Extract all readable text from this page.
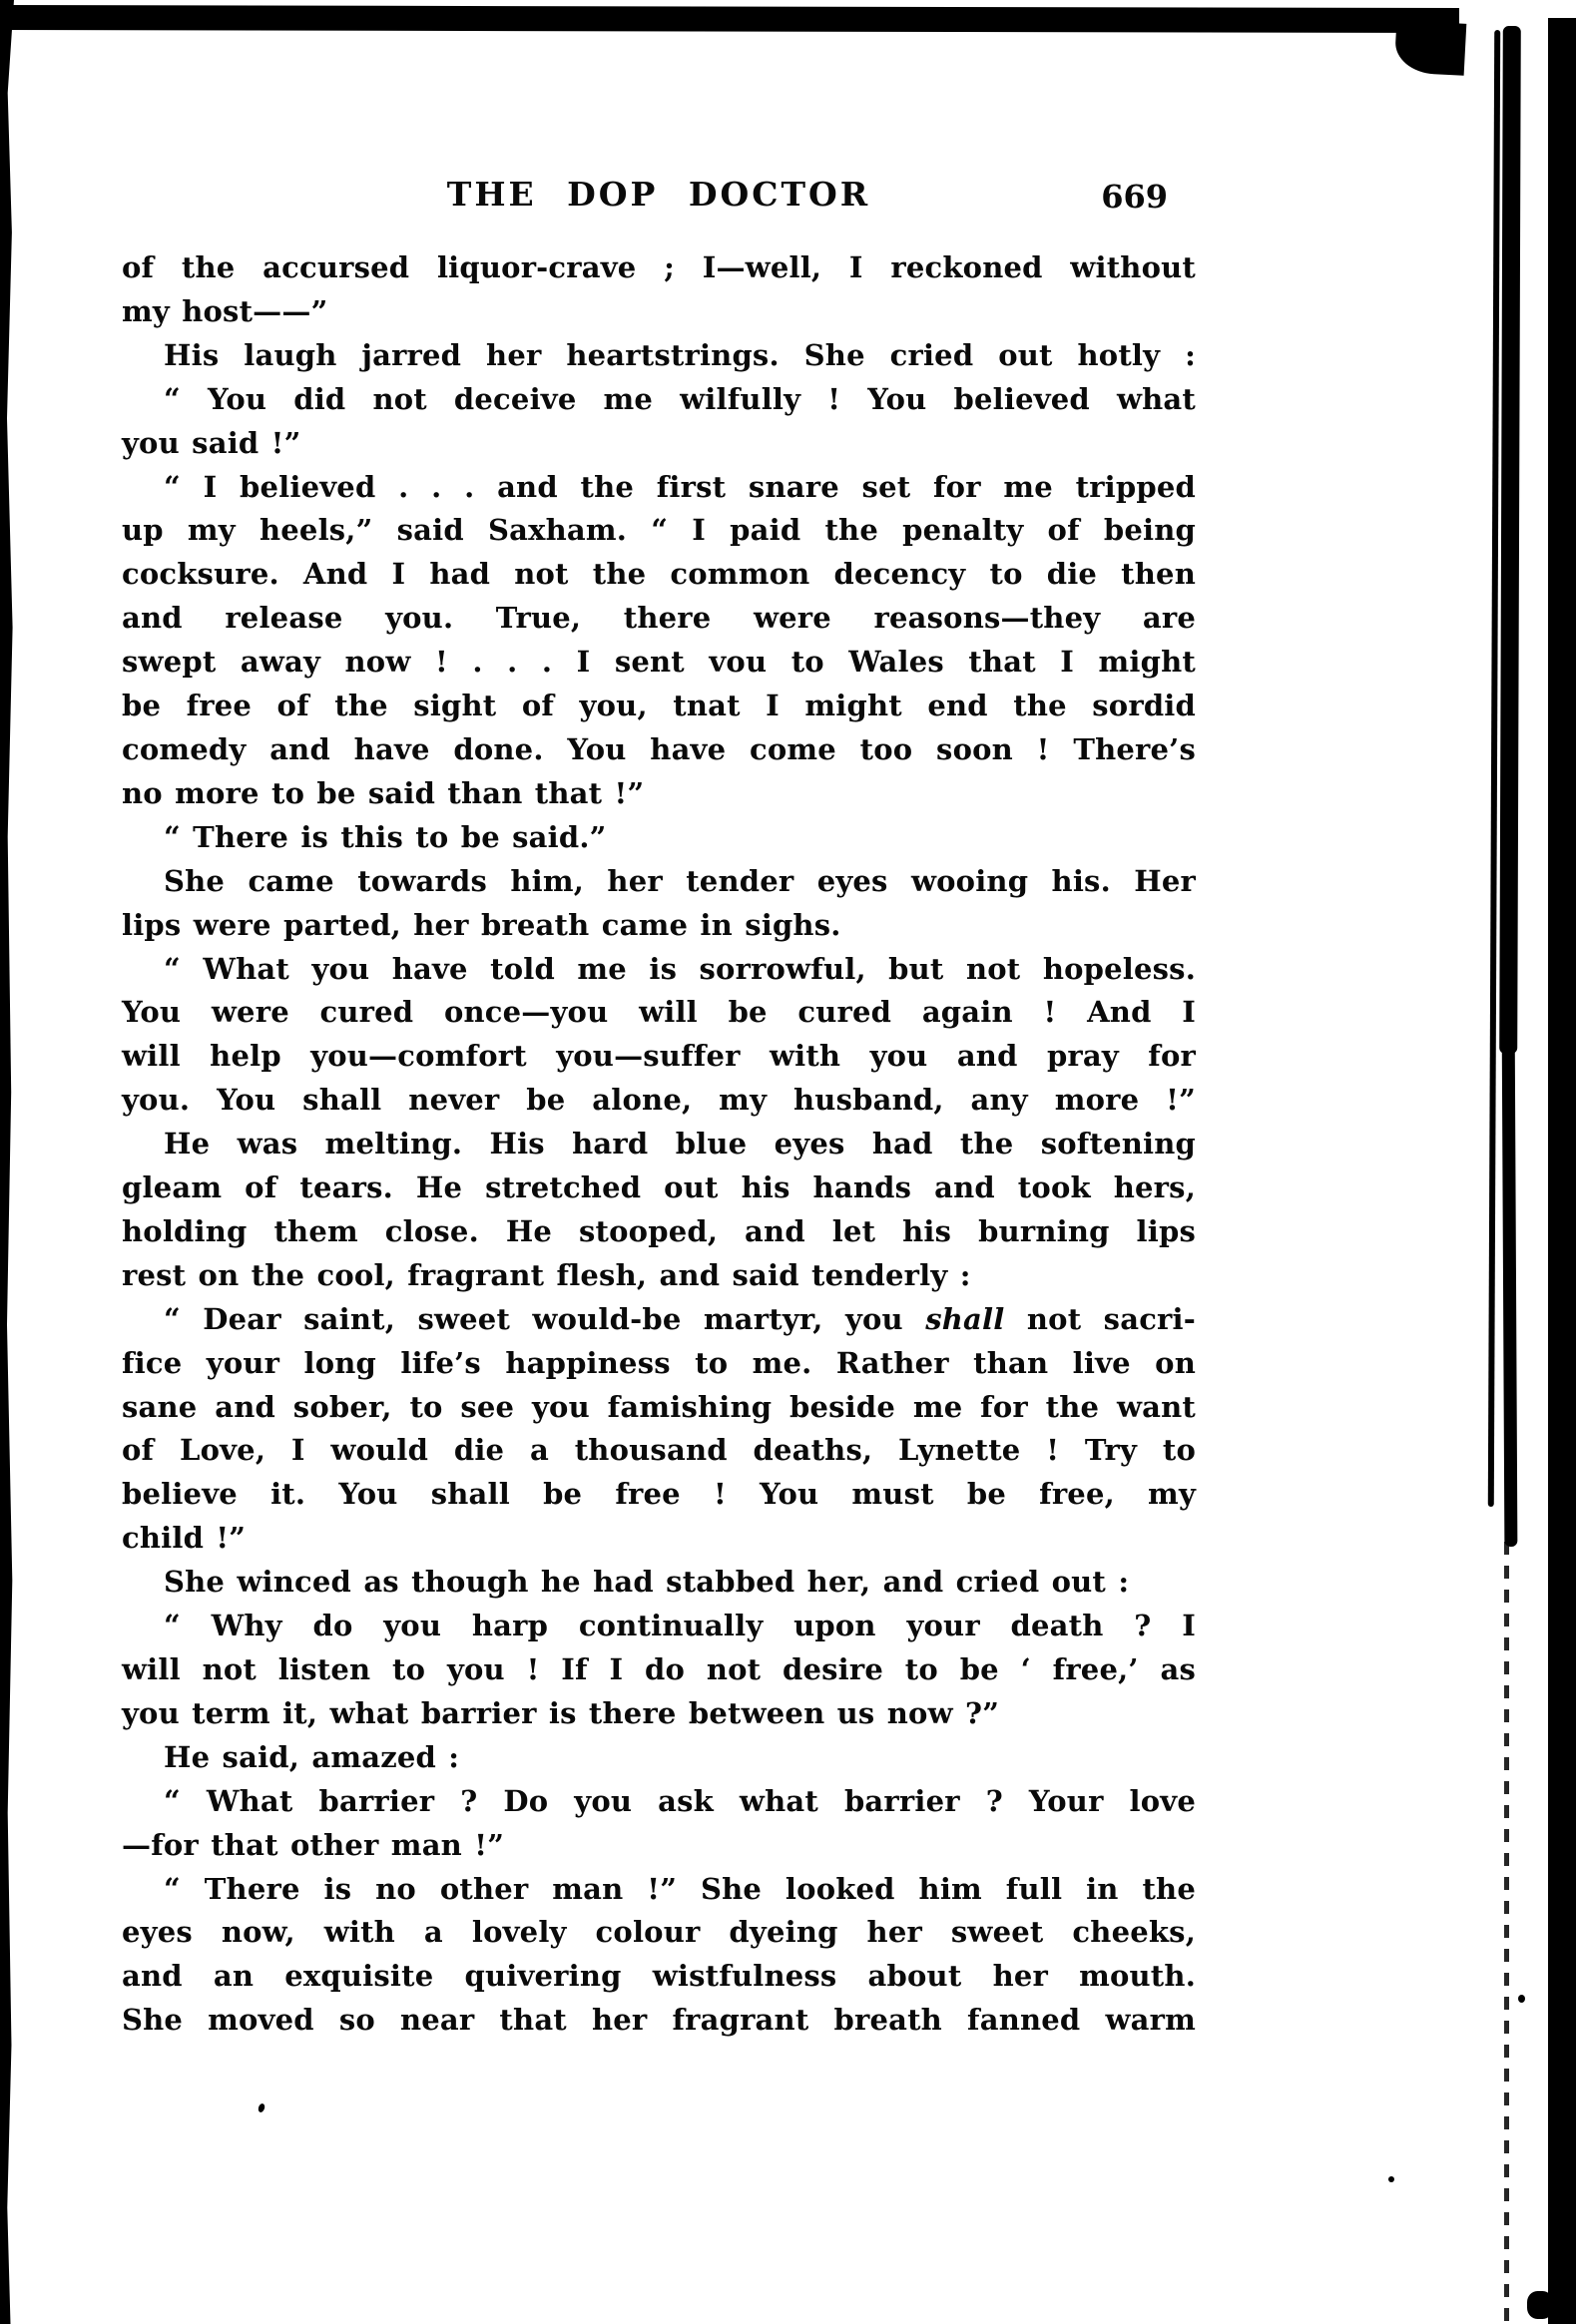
THE DOP DOCTOR	669
of the accursed liquor-crave ; I—well, I reckoned without
my host——”
His laugh jarred her heartstrings. She cried out hotly :
“ You did not deceive me wilfully ! You believed what
you said !”
“ I believed . . . and the first snare set for me tripped
up my heels,” said Saxham. “ I paid the penalty of being
cocksure. And I had not the common decency to die then
and release you. True, there were reasons—they are
swept away now ! . . . I sent vou to Wales that I might
be free of the sight of you, tnat I might end the sordid
comedy and have done. You have come too soon ! There’s
no more to be said than that !”
“ There is this to be said.”
She came towards him, her tender eyes wooing his. Her
lips were parted, her breath came in sighs.
“ What you have told me is sorrowful, but not hopeless.
You were cured once—you will be cured again ! And I
will help you—comfort you—suffer with you and pray for
you. You shall never be alone, my husband, any more !”
He was melting. His hard blue eyes had the softening
gleam of tears. He stretched out his hands and took hers,
holding them close. He stooped, and let his burning lips
rest on the cool, fragrant flesh, and said tenderly :
“ Dear saint, sweet would-be martyr, you shall not sacri-
fice your long life’s happiness to me. Rather than live on
sane and sober, to see you famishing beside me for the want
of Love, I would die a thousand deaths, Lynette ! Try to
believe it. You shall be free ! You must be free, my
child !”
She winced as though he had stabbed her, and cried out :
“ Why do you harp continually upon your death ? I
will not listen to you ! If I do not desire to be ‘ free,’ as
you term it, what barrier is there between us now ?”
He said, amazed :
“ What barrier ? Do you ask what barrier ? Your love
—for that other man !”
“ There is no other man !” She looked him full in the
eyes now, with a lovely colour dyeing her sweet cheeks,
and an exquisite quivering wistfulness about her mouth.
She moved so near that her fragrant breath fanned warm
